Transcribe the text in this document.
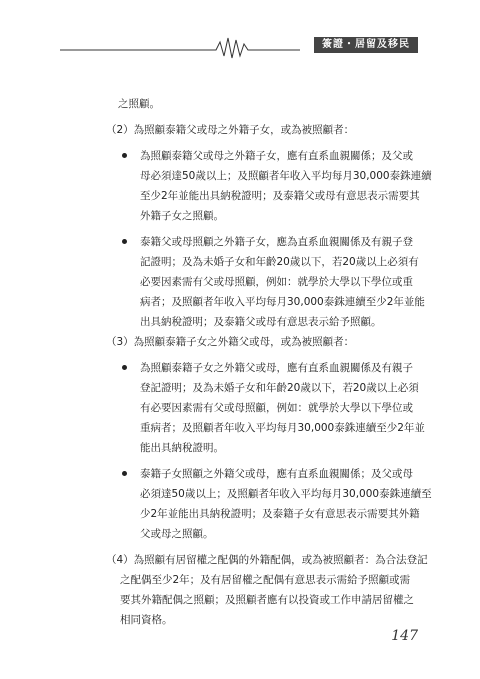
簽證・居留及移民
之照顧。
（2）為照顧泰籍父或母之外籍子女，或為被照顧者：
為照顧泰籍父或母之外籍子女，應有直系血親關係；及父或
母必須達50歲以上；及照顧者年收入平均每月30,000泰銖連續
至少2年並能出具納稅證明；及泰籍父或母有意思表示需要其
外籍子女之照顧。
泰籍父或母照顧之外籍子女，應為直系血親關係及有親子登
記證明；及為未婚子女和年齡20歲以下，若20歲以上必須有
必要因素需有父或母照顧，例如：就學於大學以下學位或重
病者；及照顧者年收入平均每月30,000泰銖連續至少2年並能
出具納稅證明；及泰籍父或母有意思表示給予照顧。
（3）為照顧泰籍子女之外籍父或母，或為被照顧者：
為照顧泰籍子女之外籍父或母，應有直系血親關係及有親子
登記證明；及為未婚子女和年齡20歲以下，若20歲以上必須
有必要因素需有父或母照顧，例如：就學於大學以下學位或
重病者；及照顧者年收入平均每月30,000泰銖連續至少2年並
能出具納稅證明。
泰籍子女照顧之外籍父或母，應有直系血親關係；及父或母
必須達50歲以上；及照顧者年收入平均每月30,000泰銖連續至
少2年並能出具納稅證明；及泰籍子女有意思表示需要其外籍
父或母之照顧。
（4）為照顧有居留權之配偶的外籍配偶，或為被照顧者：為合法登記
之配偶至少2年；及有居留權之配偶有意思表示需給予照顧或需
要其外籍配偶之照顧；及照顧者應有以投資或工作申請居留權之
相同資格。
147
